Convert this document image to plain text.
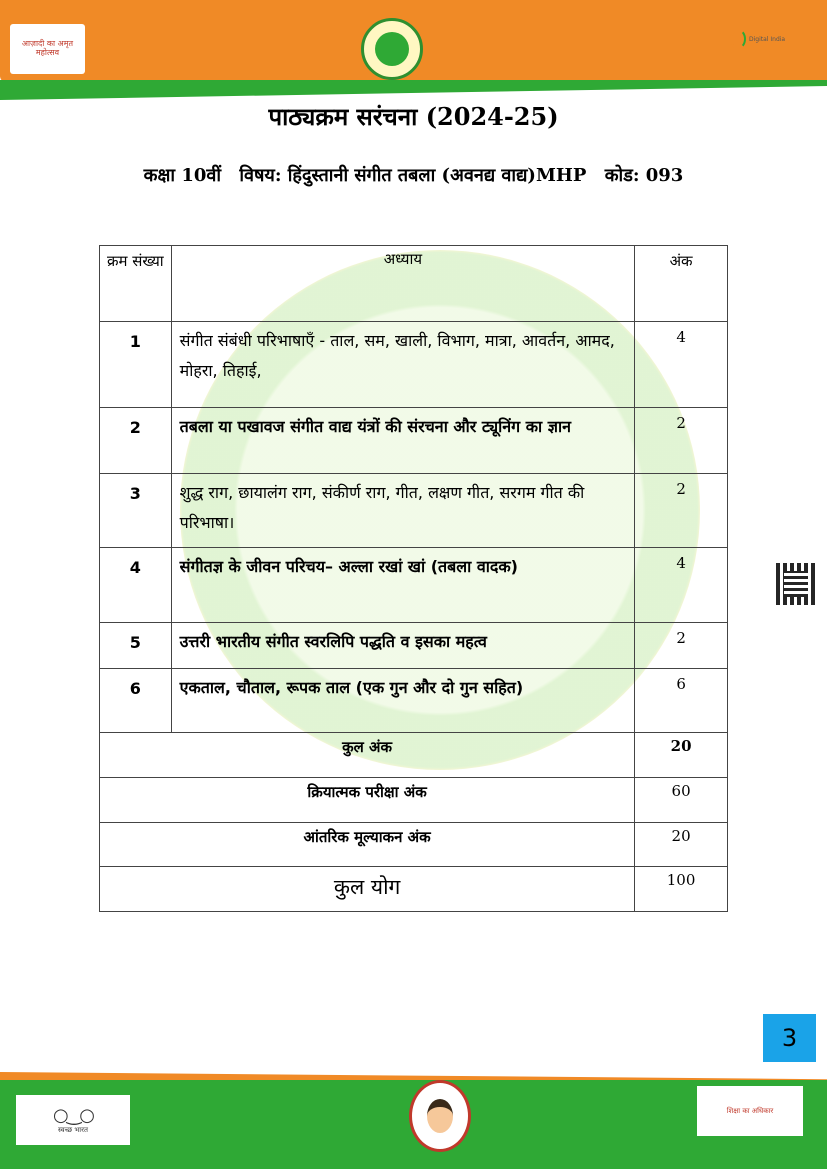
आज़ादी का अमृत महोत्सव
Digital India
पाठ्यक्रम सरंचना (2024-25)
कक्षा 10वीं विषय: हिंदुस्तानी संगीत तबला (अवनद्य वाद्य)MHP कोड: 093
क्रम संख्या	अध्याय	अंक
1	संगीत संबंधी परिभाषाएँ - ताल, सम, खाली, विभाग, मात्रा, आवर्तन, आमद, मोहरा, तिहाई,	4
2	तबला या पखावज संगीत वाद्य यंत्रों की संरचना और ट्यूनिंग का ज्ञान	2
3	शुद्ध राग, छायालंग राग, संकीर्ण राग, गीत, लक्षण गीत, सरगम गीत की परिभाषा।	2
4	संगीतज्ञ के जीवन परिचय– अल्ला रखां खां (तबला वादक)	4
5	उत्तरी भारतीय संगीत स्वरलिपि पद्धति व इसका महत्व	2
6	एकताल, चौताल, रूपक ताल (एक गुन और दो गुन सहित)	6
कुल अंक		20
क्रियात्मक परीक्षा अंक		60
आंतरिक मूल्याकन अंक		20
कुल योग		100
3
○‿○
स्वच्छ भारत
शिक्षा का अधिकार
